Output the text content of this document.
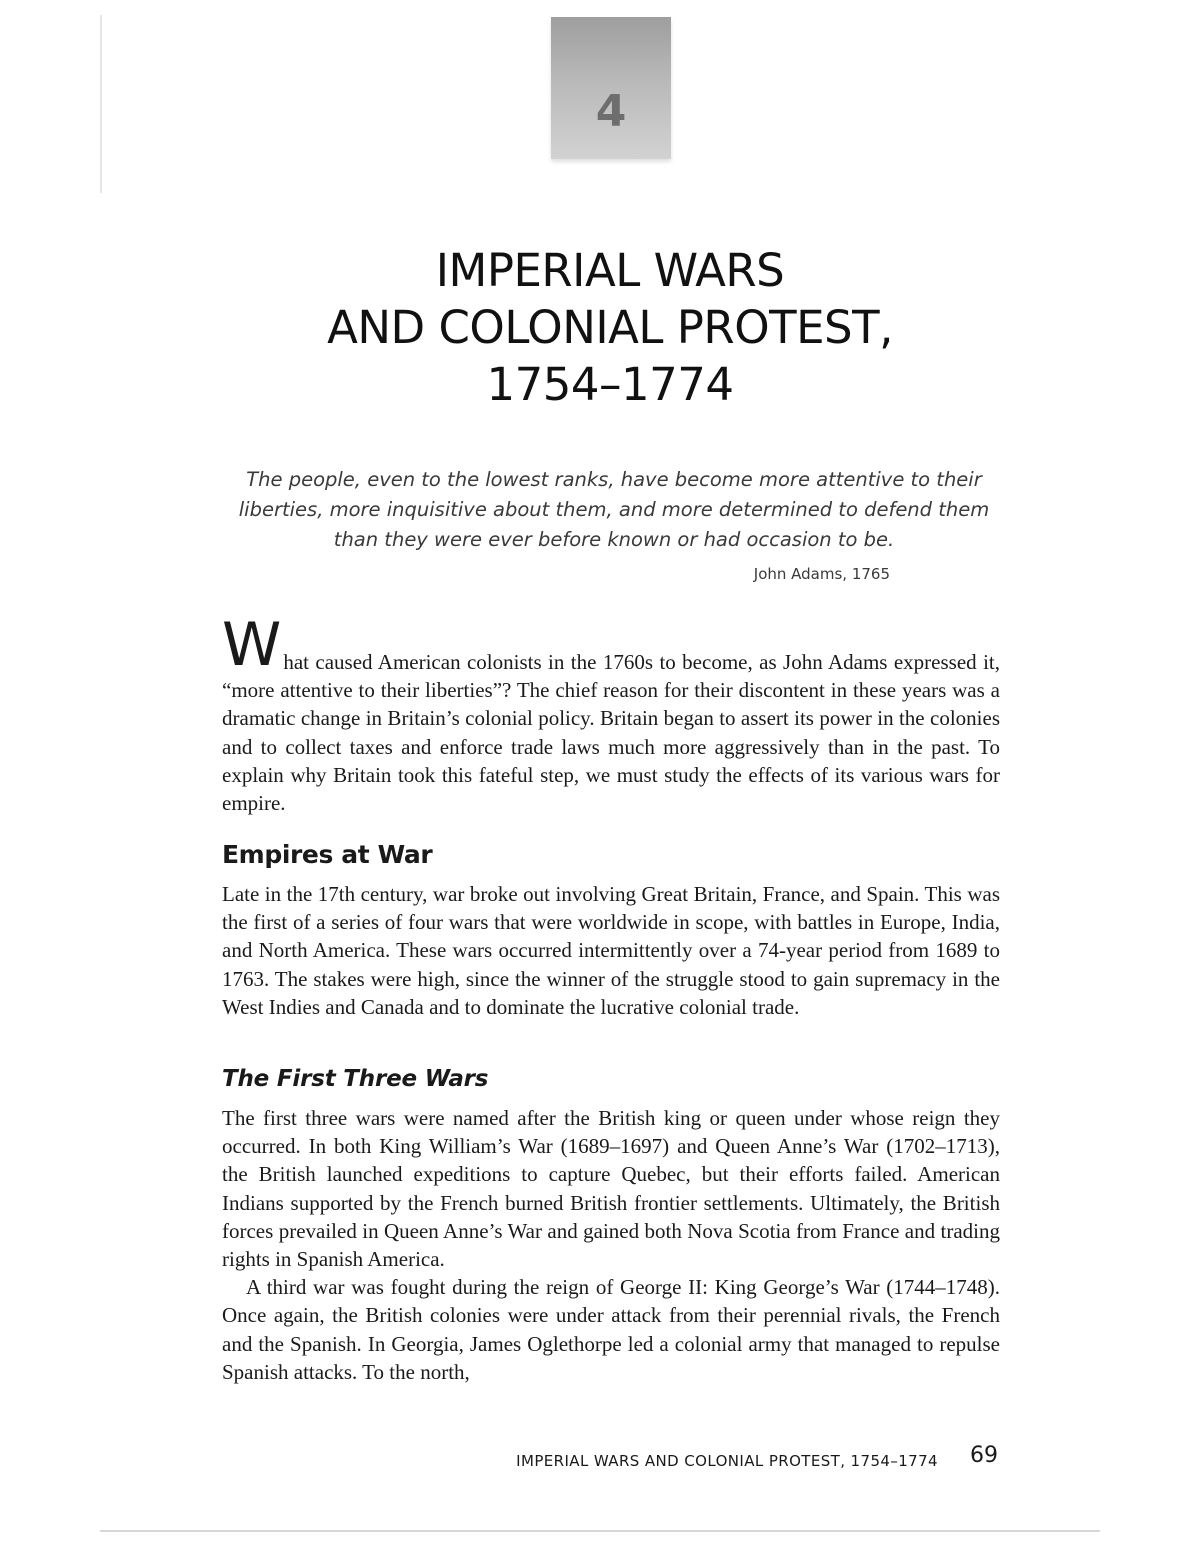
4
IMPERIAL WARS
AND COLONIAL PROTEST,
1754–1774
The people, even to the lowest ranks, have become more attentive to their
liberties, more inquisitive about them, and more determined to defend them
than they were ever before known or had occasion to be.
John Adams, 1765

What caused American colonists in the 1760s to become, as John Adams expressed it, “more attentive to their liberties”? The chief reason for their discontent in these years was a dramatic change in Britain’s colonial policy. Britain began to assert its power in the colonies and to collect taxes and enforce trade laws much more aggressively than in the past. To explain why Britain took this fateful step, we must study the effects of its various wars for empire.

Empires at War

Late in the 17th century, war broke out involving Great Britain, France, and Spain. This was the first of a series of four wars that were worldwide in scope, with battles in Europe, India, and North America. These wars occurred intermittently over a 74-year period from 1689 to 1763. The stakes were high, since the winner of the struggle stood to gain supremacy in the West Indies and Canada and to dominate the lucrative colonial trade.

The First Three Wars

The first three wars were named after the British king or queen under whose reign they occurred. In both King William’s War (1689–1697) and Queen Anne’s War (1702–1713), the British launched expeditions to capture Quebec, but their efforts failed. American Indians supported by the French burned British frontier settlements. Ultimately, the British forces prevailed in Queen Anne’s War and gained both Nova Scotia from France and trading rights in Spanish America.

A third war was fought during the reign of George II: King George’s War (1744–1748). Once again, the British colonies were under attack from their perennial rivals, the French and the Spanish. In Georgia, James Oglethorpe led a colonial army that managed to repulse Spanish attacks. To the north,

IMPERIAL WARS AND COLONIAL PROTEST, 1754–1774 69
